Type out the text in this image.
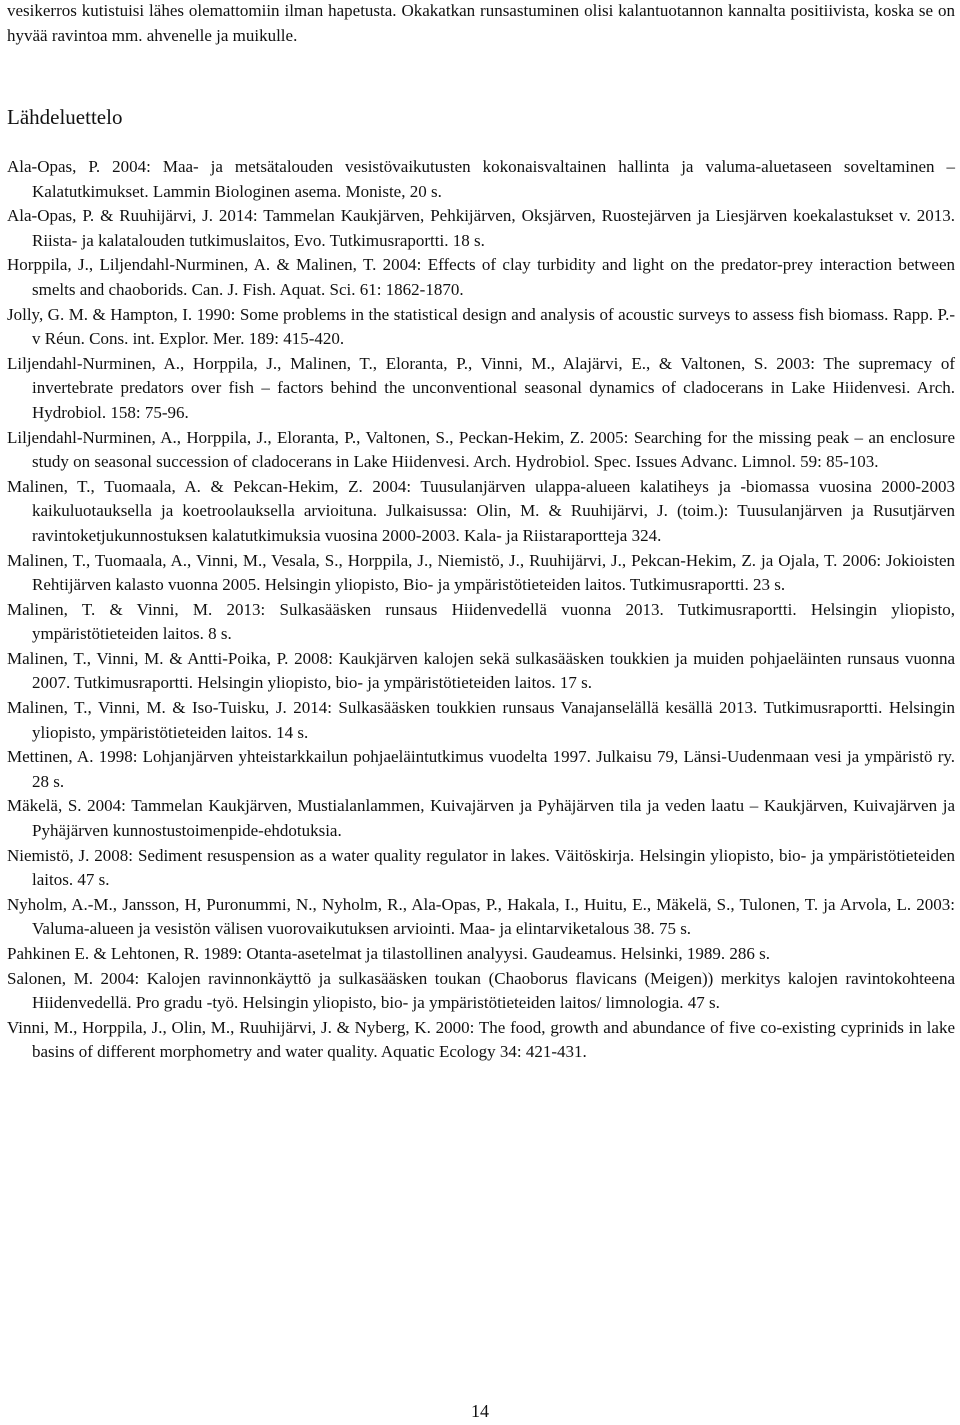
vesikerros kutistuisi lähes olemattomiin ilman hapetusta. Okakatkan runsastuminen olisi kalantuotannon kannalta positiivista, koska se on hyvää ravintoa mm. ahvenelle ja muikulle.

Lähdeluettelo
Ala-Opas, P. 2004: Maa- ja metsätalouden vesistövaikutusten kokonaisvaltainen hallinta ja valuma-aluetaseen soveltaminen – Kalatutkimukset. Lammin Biologinen asema. Moniste, 20 s.
Ala-Opas, P. & Ruuhijärvi, J. 2014: Tammelan Kaukjärven, Pehkijärven, Oksjärven, Ruostejärven ja Liesjärven koekalastukset v. 2013. Riista- ja kalatalouden tutkimuslaitos, Evo. Tutkimusraportti. 18 s.
Horppila, J., Liljendahl-Nurminen, A. & Malinen, T. 2004: Effects of clay turbidity and light on the predator-prey interaction between smelts and chaoborids. Can. J. Fish. Aquat. Sci. 61: 1862-1870.
Jolly, G. M. & Hampton, I. 1990: Some problems in the statistical design and analysis of acoustic surveys to assess fish biomass. Rapp. P.-v Réun. Cons. int. Explor. Mer. 189: 415-420.
Liljendahl-Nurminen, A., Horppila, J., Malinen, T., Eloranta, P., Vinni, M., Alajärvi, E., & Valtonen, S. 2003: The supremacy of invertebrate predators over fish – factors behind the unconventional seasonal dynamics of cladocerans in Lake Hiidenvesi. Arch. Hydrobiol. 158: 75-96.
Liljendahl-Nurminen, A., Horppila, J., Eloranta, P., Valtonen, S., Peckan-Hekim, Z. 2005: Searching for the missing peak – an enclosure study on seasonal succession of cladocerans in Lake Hiidenvesi. Arch. Hydrobiol. Spec. Issues Advanc. Limnol. 59: 85-103.
Malinen, T., Tuomaala, A. & Pekcan-Hekim, Z. 2004: Tuusulanjärven ulappa-alueen kalatiheys ja -biomassa vuosina 2000-2003 kaikuluotauksella ja koetroolauksella arvioituna. Julkaisussa: Olin, M. & Ruuhijärvi, J. (toim.): Tuusulanjärven ja Rusutjärven ravintoketjukunnostuksen kalatutkimuksia vuosina 2000-2003. Kala- ja Riistaraportteja 324.
Malinen, T., Tuomaala, A., Vinni, M., Vesala, S., Horppila, J., Niemistö, J., Ruuhijärvi, J., Pekcan-Hekim, Z. ja Ojala, T. 2006: Jokioisten Rehtijärven kalasto vuonna 2005. Helsingin yliopisto, Bio- ja ympäristötieteiden laitos. Tutkimusraportti. 23 s.
Malinen, T. & Vinni, M. 2013: Sulkasääsken runsaus Hiidenvedellä vuonna 2013. Tutkimusraportti. Helsingin yliopisto, ympäristötieteiden laitos. 8 s.
Malinen, T., Vinni, M. & Antti-Poika, P. 2008: Kaukjärven kalojen sekä sulkasääsken toukkien ja muiden pohjaeläinten runsaus vuonna 2007. Tutkimusraportti. Helsingin yliopisto, bio- ja ympäristötieteiden laitos. 17 s.
Malinen, T., Vinni, M. & Iso-Tuisku, J. 2014: Sulkasääsken toukkien runsaus Vanajanselällä kesällä 2013. Tutkimusraportti. Helsingin yliopisto, ympäristötieteiden laitos. 14 s.
Mettinen, A. 1998: Lohjanjärven yhteistarkkailun pohjaeläintutkimus vuodelta 1997. Julkaisu 79, Länsi-Uudenmaan vesi ja ympäristö ry. 28 s.
Mäkelä, S. 2004: Tammelan Kaukjärven, Mustialanlammen, Kuivajärven ja Pyhäjärven tila ja veden laatu – Kaukjärven, Kuivajärven ja Pyhäjärven kunnostustoimenpide-ehdotuksia.
Niemistö, J. 2008: Sediment resuspension as a water quality regulator in lakes. Väitöskirja. Helsingin yliopisto, bio- ja ympäristötieteiden laitos. 47 s.
Nyholm, A.-M., Jansson, H, Puronummi, N., Nyholm, R., Ala-Opas, P., Hakala, I., Huitu, E., Mäkelä, S., Tulonen, T. ja Arvola, L. 2003: Valuma-alueen ja vesistön välisen vuorovaikutuksen arviointi. Maa- ja elintarviketalous 38. 75 s.
Pahkinen E. & Lehtonen, R. 1989: Otanta-asetelmat ja tilastollinen analyysi. Gaudeamus. Helsinki, 1989. 286 s.
Salonen, M. 2004: Kalojen ravinnonkäyttö ja sulkasääsken toukan (Chaoborus flavicans (Meigen)) merkitys kalojen ravintokohteena Hiidenvedellä. Pro gradu -työ. Helsingin yliopisto, bio- ja ympäristötieteiden laitos/ limnologia. 47 s.
Vinni, M., Horppila, J., Olin, M., Ruuhijärvi, J. & Nyberg, K. 2000: The food, growth and abundance of five co-existing cyprinids in lake basins of different morphometry and water quality. Aquatic Ecology 34: 421-431.
14
